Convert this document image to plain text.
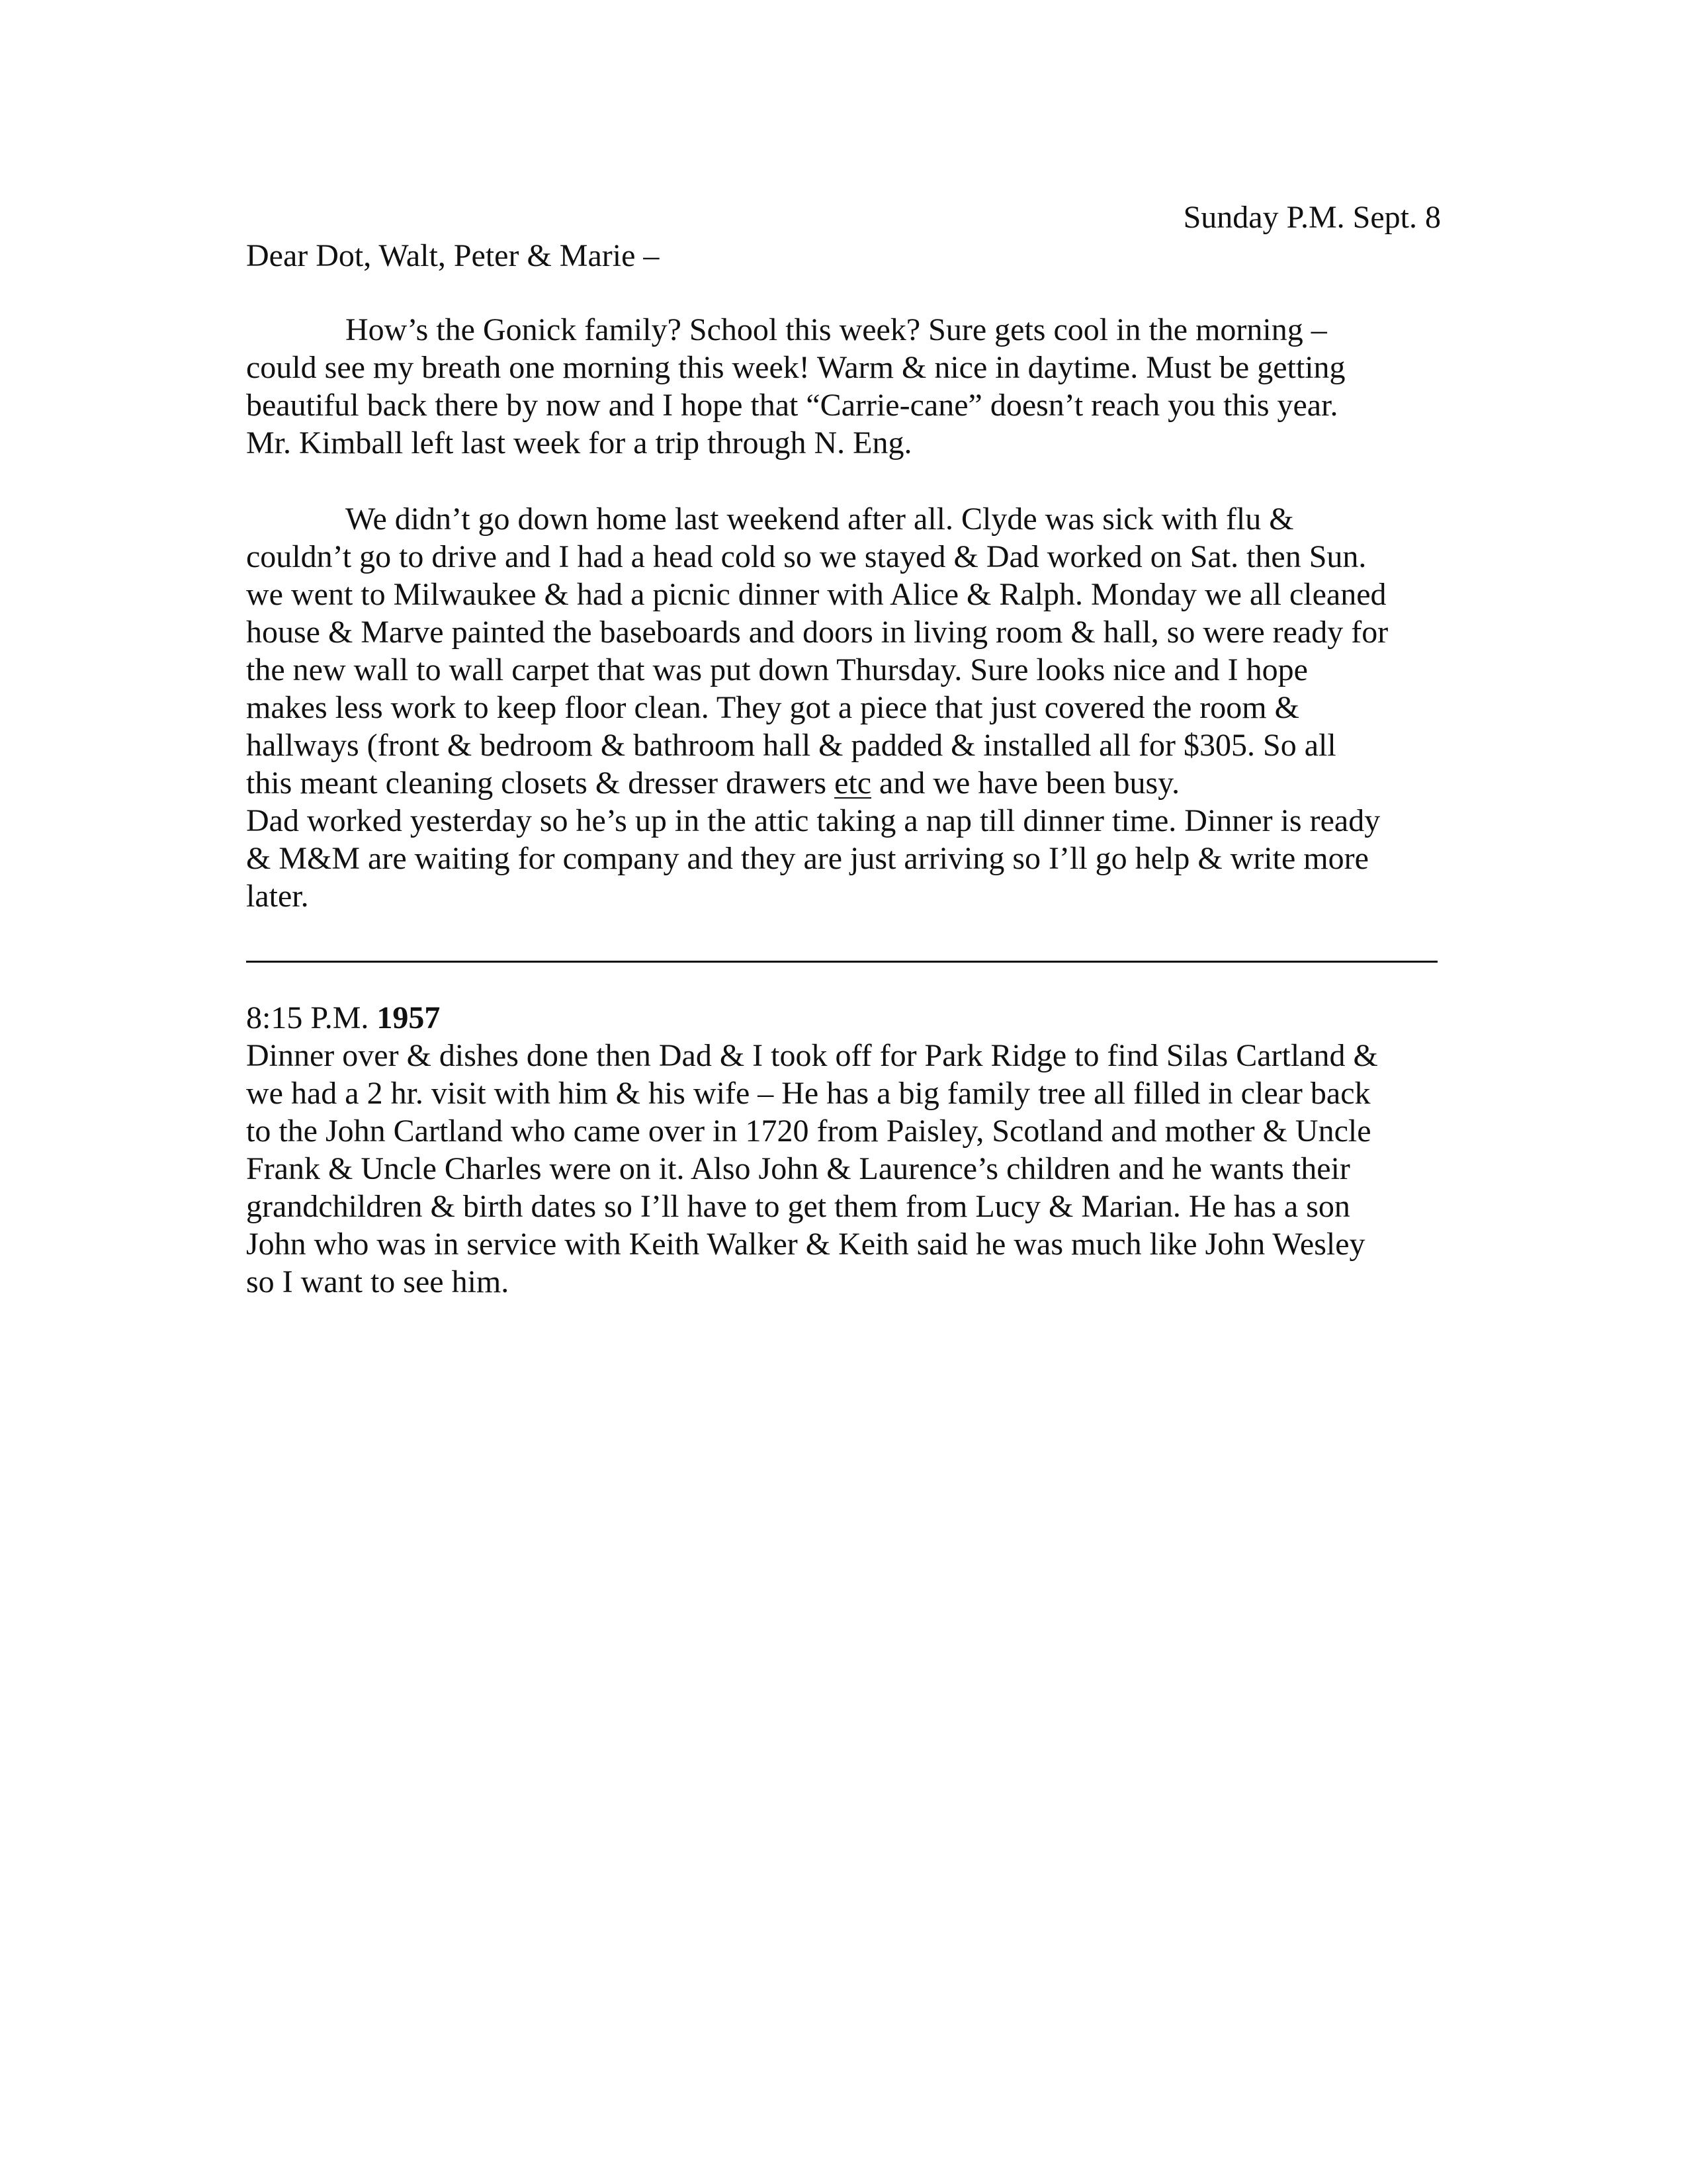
Sunday P.M. Sept. 8
Dear Dot, Walt, Peter & Marie –
How’s the Gonick family? School this week? Sure gets cool in the morning –
could see my breath one morning this week! Warm & nice in daytime. Must be getting
beautiful back there by now and I hope that “Carrie-cane” doesn’t reach you this year.
Mr. Kimball left last week for a trip through N. Eng.
We didn’t go down home last weekend after all. Clyde was sick with flu &
couldn’t go to drive and I had a head cold so we stayed & Dad worked on Sat. then Sun.
we went to Milwaukee & had a picnic dinner with Alice & Ralph. Monday we all cleaned
house & Marve painted the baseboards and doors in living room & hall, so were ready for
the new wall to wall carpet that was put down Thursday. Sure looks nice and I hope
makes less work to keep floor clean. They got a piece that just covered the room &
hallways (front & bedroom & bathroom hall & padded & installed all for $305. So all
this meant cleaning closets & dresser drawers etc and we have been busy.
Dad worked yesterday so he’s up in the attic taking a nap till dinner time. Dinner is ready
& M&M are waiting for company and they are just arriving so I’ll go help & write more
later.
8:15 P.M. 1957
Dinner over & dishes done then Dad & I took off for Park Ridge to find Silas Cartland &
we had a 2 hr. visit with him & his wife – He has a big family tree all filled in clear back
to the John Cartland who came over in 1720 from Paisley, Scotland and mother & Uncle
Frank & Uncle Charles were on it. Also John & Laurence’s children and he wants their
grandchildren & birth dates so I’ll have to get them from Lucy & Marian. He has a son
John who was in service with Keith Walker & Keith said he was much like John Wesley
so I want to see him.
